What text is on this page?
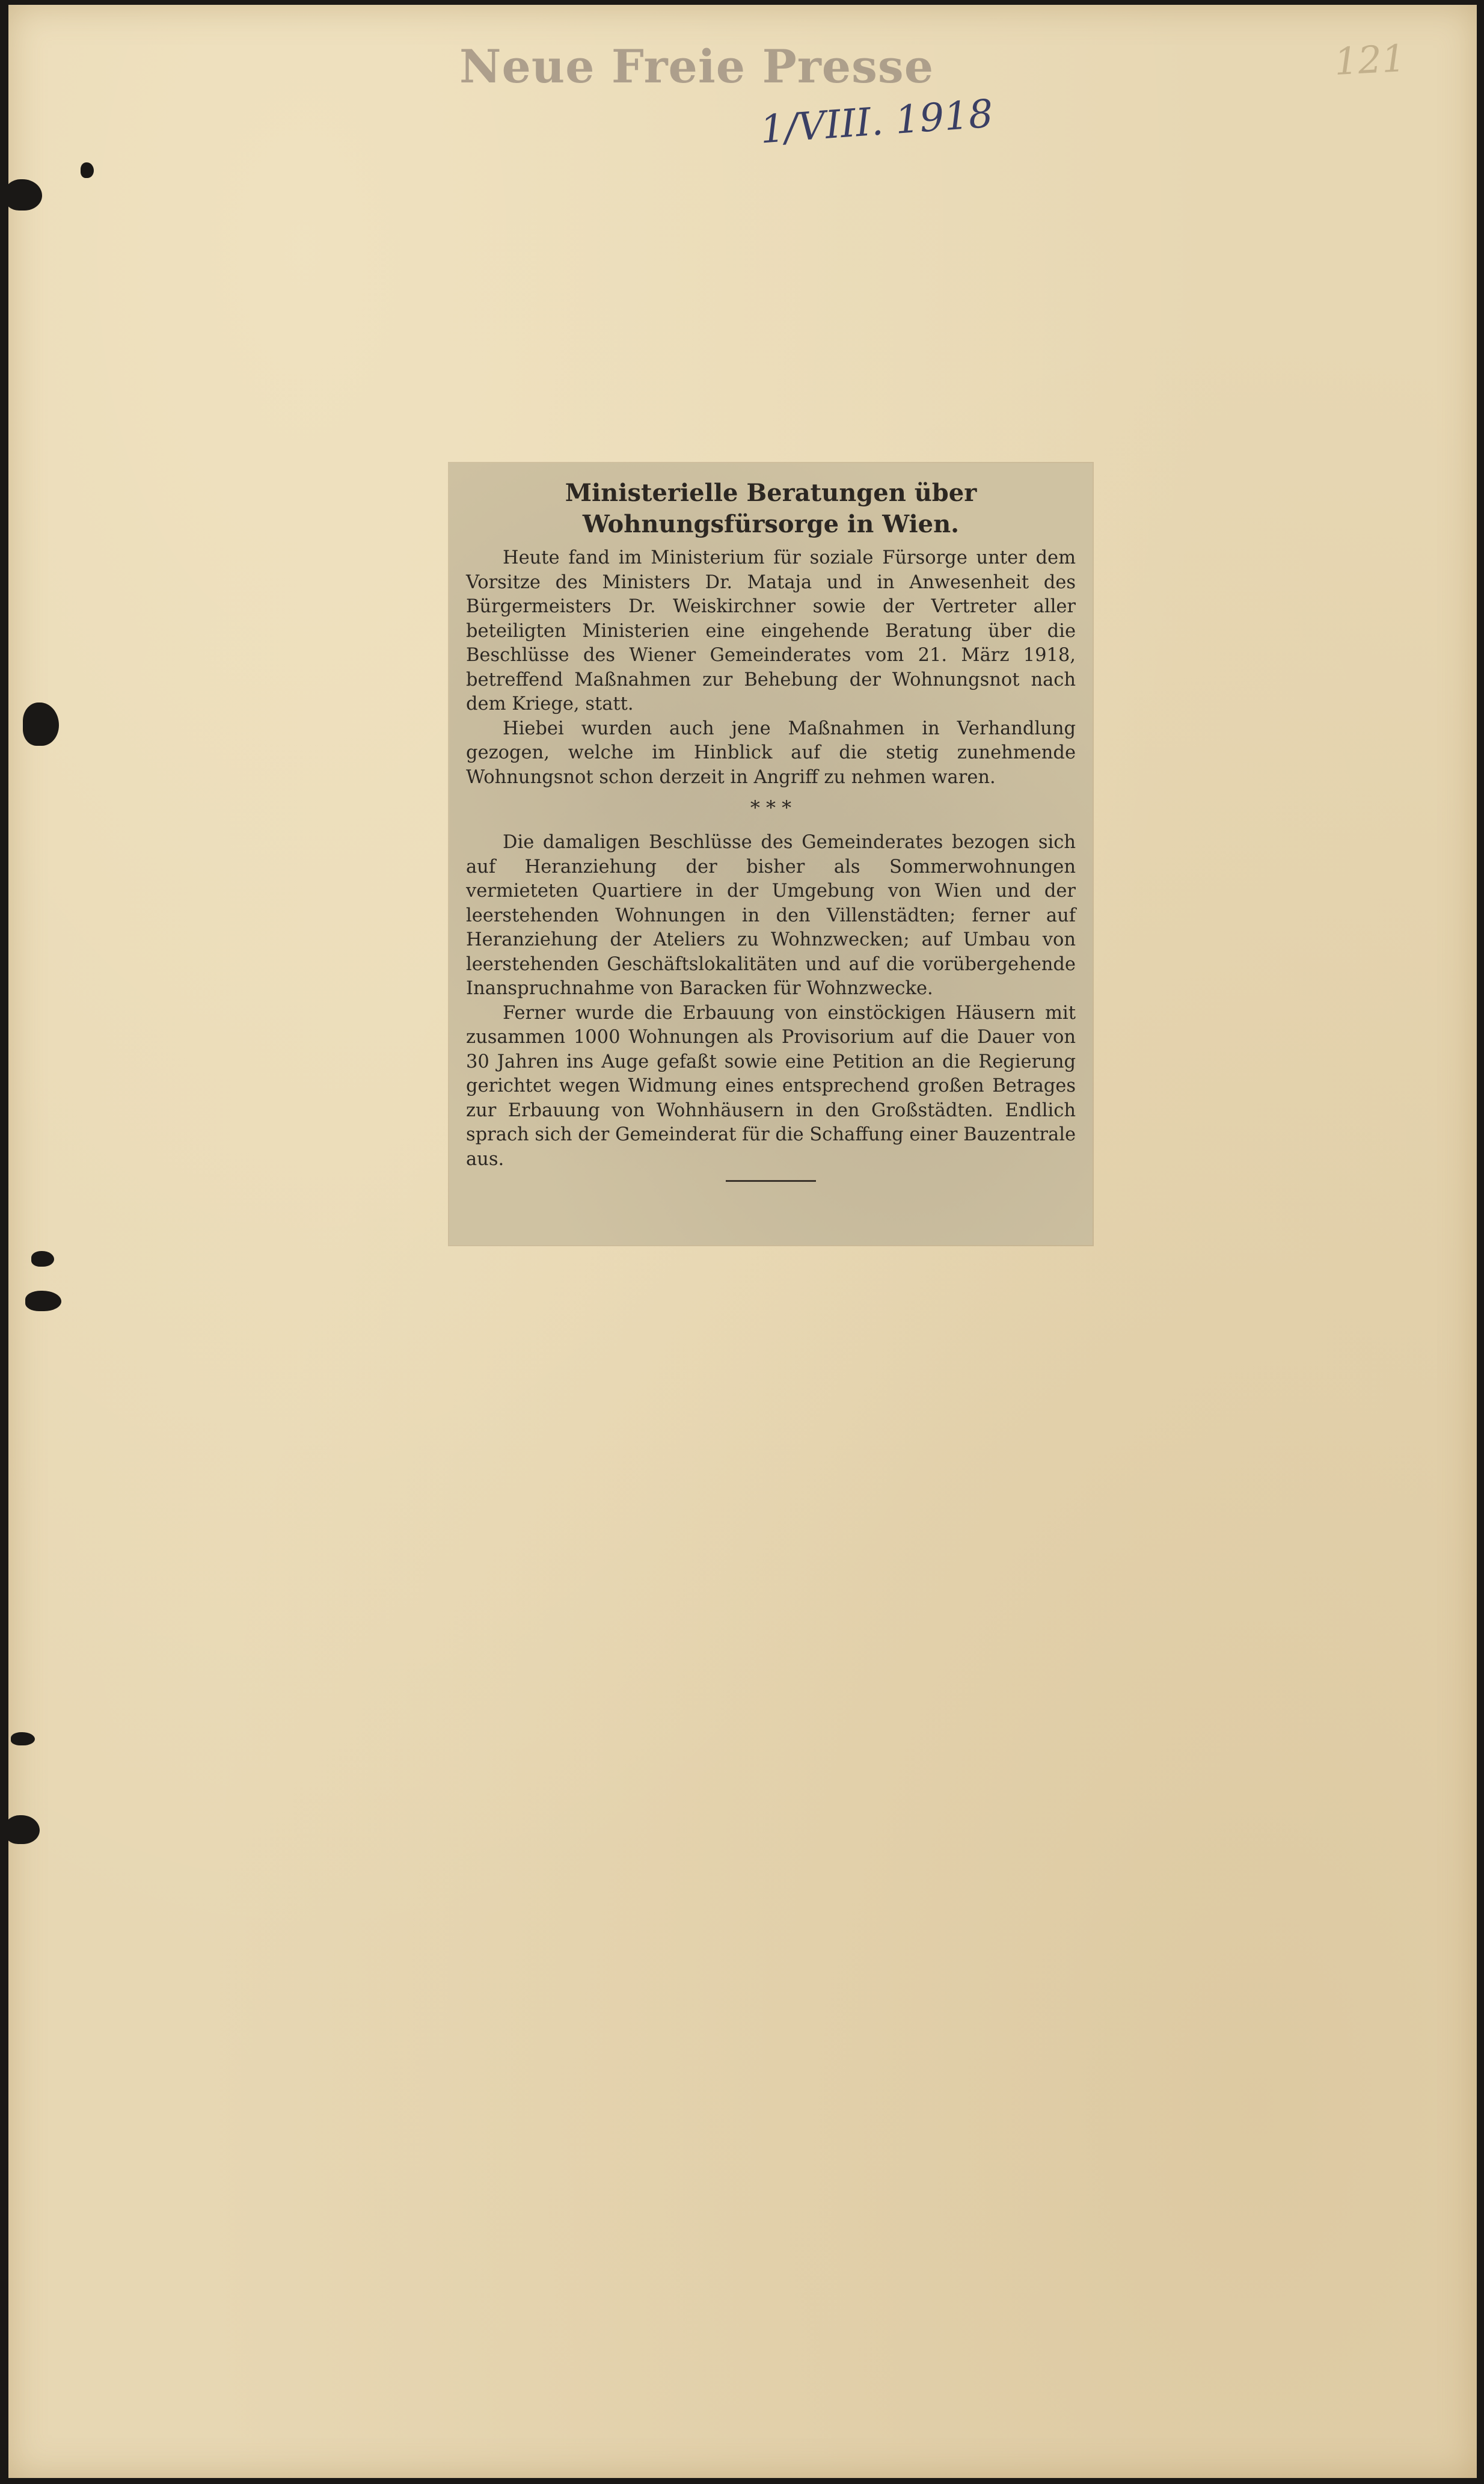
Neue Freie Presse
1/VIII. 1918
121
Ministerielle Beratungen über Wohnungsfürsorge in Wien.

Heute fand im Ministerium für soziale Fürsorge unter dem Vorsitze des Ministers Dr. Mataja und in Anwesenheit des Bürgermeisters Dr. Weiskirchner sowie der Vertreter aller beteiligten Ministerien eine eingehende Beratung über die Beschlüsse des Wiener Gemeinderates vom 21. März 1918, betreffend Maßnahmen zur Behebung der Wohnungsnot nach dem Kriege, statt.

Hiebei wurden auch jene Maßnahmen in Verhandlung gezogen, welche im Hinblick auf die stetig zunehmende Wohnungsnot schon derzeit in Angriff zu nehmen waren.

* * *

Die damaligen Beschlüsse des Gemeinderates bezogen sich auf Heranziehung der bisher als Sommerwohnungen vermieteten Quartiere in der Umgebung von Wien und der leerstehenden Wohnungen in den Villenstädten; ferner auf Heranziehung der Ateliers zu Wohnzwecken; auf Umbau von leerstehenden Geschäftslokalitäten und auf die vorübergehende Inanspruchnahme von Baracken für Wohnzwecke.

Ferner wurde die Erbauung von einstöckigen Häusern mit zusammen 1000 Wohnungen als Provisorium auf die Dauer von 30 Jahren ins Auge gefaßt sowie eine Petition an die Regierung gerichtet wegen Widmung eines entsprechend großen Betrages zur Erbauung von Wohnhäusern in den Großstädten. Endlich sprach sich der Gemeinderat für die Schaffung einer Bauzentrale aus.
